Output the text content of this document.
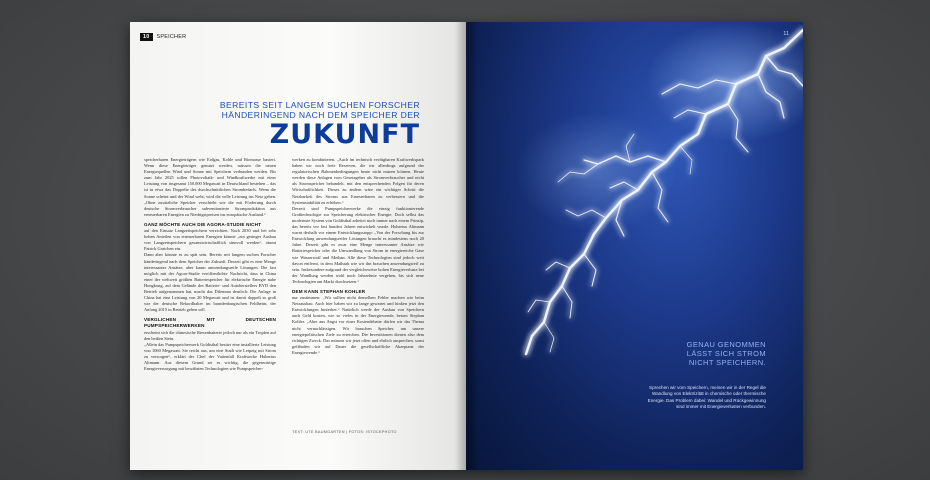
10	SPEICHER
BEREITS SEIT LANGEM SUCHEN FORSCHER
HÄNDERINGEND NACH DEM SPEICHER DER
ZUKUNFT

speicherbaren Energieträgern wie Erdgas, Kohle und Biomasse basiert. Wenn diese Energieträger genutzt werden, müssen die neuen Energiequellen Wind und Sonne mit Speichern verbunden werden. Bis zum Jahr 2025 sollen Photovoltaik- und Windkraftwerke mit einer Leistung von insgesamt 150.000 Megawatt in Deutschland bestehen – das ist in etwa das Doppelte des durchschnittlichen Strombedarfs. Wenn die Sonne scheint und der Wind weht, wird die volle Leistung ins Netz gehen. „Ohne zusätzliche Speicher verschiebt wie die mit Förderung durch deutsche Stromverbraucher subventionierte Stromproduktion aus erneuerbaren Energien zu Niedrigstpreisen ins europäische Ausland.“

GANZ MÖCHTE AUCH DIE AGORA-STUDIE NICHT

auf den Einsatz Langzeitspeichern verzichten. Nach 2030 und bei sehr hohen Anteilen von erneuerbaren Energien könnte „ein geringer Ausbau von Langzeitspeichern gesamtwirtschaftlich sinnvoll werden“, räumt Patrick Graichen ein.

Dann aber könnte es zu spät sein. Bereits seit langem suchen Forscher händeringend nach dem Speicher der Zukunft. Derzeit gibt es eine Menge interessanter Ansätze, aber kaum anwendungsreife Lösungen. Die fast möglich mit der Agora-Studie veröffentlichte Nachricht, dass in China einer der weltweit größten Batteriespeicher für elektrische Energie nahe Hongkong, auf dem Gelände des Batterie- und Autoherstellers BYD den Betrieb aufgenommen hat, macht das Dilemma deutlich: Die Anlage in China hat eine Leistung von 20 Megawatt und ist damit doppelt so groß wie der deutsche Rekordhalter im brandenburgischen Feldheim, der Anfang 2015 in Betrieb gehen soll.

VERGLICHEN MIT DEUTSCHEN PUMPSPEICHERWERKEN

erscheint sich die chinesische Riesenbatterie jedoch nur als ein Tropfen auf den heißen Stein.

„Allein das Pumpspeicherwerk Goldisthal besitzt eine installierte Leistung von 1060 Megawatt. Sie reicht aus, um eine Stadt wie Leipzig mit Strom zu versorgen“, erklärt der Chef der Vattenfall Kraftwerke Hubertus Altmann. Aus diesem Grund sei es wichtig, die gegenwärtige Energieversorgung mit bewährten Technologien wie Pumpspeicher-

werken zu kombinieren. „Auch im technisch verfügbaren Kraftwerkspark haben wir noch freie Reserven, die wir allerdings aufgrund der regulatorischen Rahmenbedingungen heute nicht nutzen können. Heute werden diese Anlagen vom Gesetzgeber als Stromverbraucher und nicht als Stromspeicher behandelt, mit den entsprechenden Folgen für deren Wirtschaftlichkeit. Dieses zu ändern wäre ein wichtiger Schritt die Netzbarkeit des Stroms aus Erneuerbaren zu verbessern und die Systemstabilität zu erhöhen.“

Derzeit sind Pumpspeicherwerke die einzig funktionierende Großtechnologie zur Speicherung elektrischer Energie. Doch selbst das modernste System von Goldisthal arbeitet noch immer nach einem Prinzip, das bereits vor fast hundert Jahren entwickelt wurde. Hubertus Altmann warnt deshalb vor einem Entwicklungsstopp: „Von der Forschung bis zur Entwicklung anwendungsreifer Lösungen braucht es mindestens noch 20 Jahre. Derzeit gibt es zwar eine Menge interessanter Ansätze wie Batteriespeicher oder die Umwandlung von Strom in energiereiche Gase wie Wasserstoff und Methan. Alle diese Technologien sind jedoch weit davon entfernt, in dem Maßstab wie wir ihn brauchen anwendungsreif zu sein. Insbesondere aufgrund der vergleichsweise hohen Energieverluste bei der Wandlung werden wohl noch Jahrzehnte vergehen, bis sich neue Technologien am Markt durchsetzen.“

DEM KANN STEPHAN KOHLER

nur zustimmen: „Wir sollten nicht denselben Fehler machen wie beim Netzausbau. Auch hier haben wir zu lange gewartet und hinken jetzt den Entwicklungen hinterher.“ Natürlich werde der Ausbau von Speichern auch Geld kosten, wie so vieles in der Energiewende, betont Stephan Kohler. „Aber aus Angst vor einer Kostendebatte dürfen wir das Thema nicht vernachlässigen. Wir brauchen Speicher, um unsere energiepolitischen Ziele zu erreichen. Die Investitionen dienen also dem richtigen Zweck. Das müssen wir jetzt offen und ehrlich ansprechen, sonst gefährden wir auf Dauer die gesellschaftliche Akzeptanz der Energiewende.“

TEXT: UTE BAUMGARTEN | FOTOS: ISTOCKPHOTO
GENAU GENOMMEN
LÄSST SICH STROM
NICHT SPEICHERN.
Sprechen wir vom Speichern, meinen wir in der Regel die Wandlung von Elektrizität in chemische oder thermische Energie. Das Problem dabei: Wandel und Rückgewinnung sind immer mit Energieverlusten verbunden.
